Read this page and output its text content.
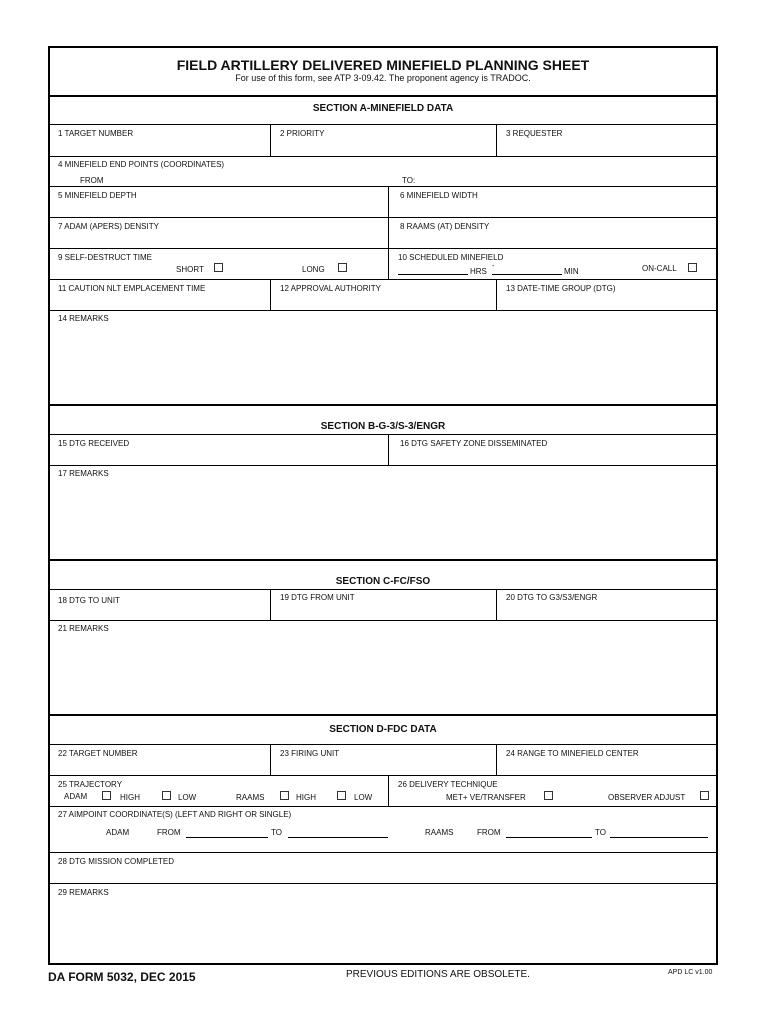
FIELD ARTILLERY DELIVERED MINEFIELD PLANNING SHEET
For use of this form, see ATP 3-09.42. The proponent agency is TRADOC.
SECTION A-MINEFIELD DATA
1 TARGET NUMBER	2 PRIORITY	3 REQUESTER
4 MINEFIELD END POINTS (COORDINATES)
FROM	TO:
5 MINEFIELD DEPTH	6 MINEFIELD WIDTH
7 ADAM (APERS) DENSITY	8 RAAMS (AT) DENSITY
9 SELF-DESTRUCT TIME
SHORT	LONG
10 SCHEDULED MINEFIELD
HRS
-
MIN	ON-CALL
11 CAUTION NLT EMPLACEMENT TIME	12 APPROVAL AUTHORITY	13 DATE-TIME GROUP (DTG)
14 REMARKS
SECTION B-G-3/S-3/ENGR
15 DTG RECEIVED	16 DTG SAFETY ZONE DISSEMINATED
17 REMARKS
SECTION C-FC/FSO
18 DTG TO UNIT	19 DTG FROM UNIT	20 DTG TO G3/S3/ENGR
21 REMARKS
SECTION D-FDC DATA
22 TARGET NUMBER	23 FIRING UNIT	24 RANGE TO MINEFIELD CENTER
25 TRAJECTORY
ADAM	HIGH	LOW	RAAMS	HIGH	LOW
26 DELIVERY TECHNIQUE
MET+ VE/TRANSFER	OBSERVER ADJUST
27 AIMPOINT COORDINATE(S) (LEFT AND RIGHT OR SINGLE)
ADAM	FROM	TO	RAAMS	FROM	TO
28 DTG MISSION COMPLETED
29 REMARKS
DA FORM 5032, DEC 2015	PREVIOUS EDITIONS ARE OBSOLETE.	APD LC v1.00
